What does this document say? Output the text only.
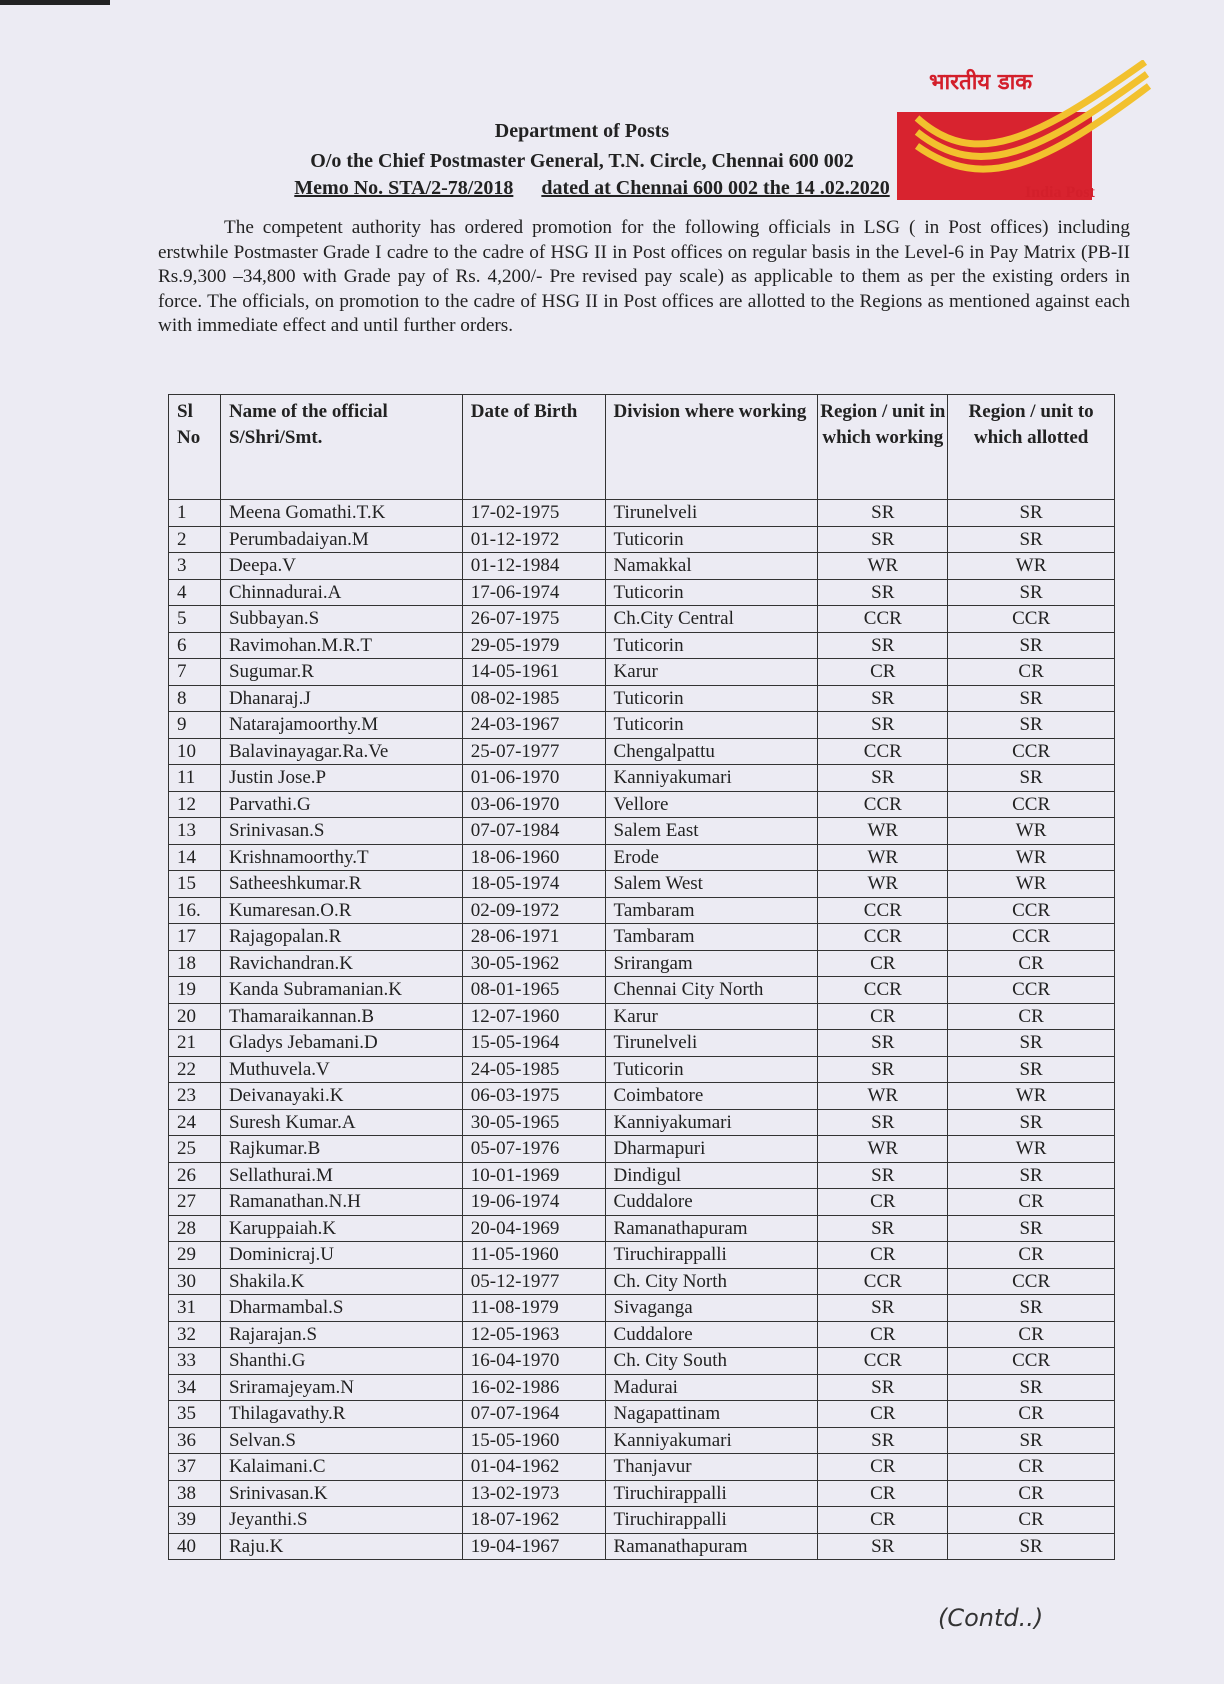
भारतीय डाक
India Post
Department of Posts
O/o the Chief Postmaster General, T.N. Circle, Chennai 600 002
Memo No. STA/2-78/2018 dated at Chennai 600 002 the 14 .02.2020
The competent authority has ordered promotion for the following officials in LSG ( in Post offices) including erstwhile Postmaster Grade I cadre to the cadre of HSG II in Post offices on regular basis in the Level-6 in Pay Matrix (PB-II Rs.9,300 –34,800 with Grade pay of Rs. 4,200/- Pre revised pay scale) as applicable to them as per the existing orders in force. The officials, on promotion to the cadre of HSG II in Post offices are allotted to the Regions as mentioned against each with immediate effect and until further orders.
Sl No	Name of the official S/Shri/Smt.	Date of Birth	Division where working	Region / unit in which working	Region / unit to which allotted
1	Meena Gomathi.T.K	17-02-1975	Tirunelveli	SR	SR
2	Perumbadaiyan.M	01-12-1972	Tuticorin	SR	SR
3	Deepa.V	01-12-1984	Namakkal	WR	WR
4	Chinnadurai.A	17-06-1974	Tuticorin	SR	SR
5	Subbayan.S	26-07-1975	Ch.City Central	CCR	CCR
6	Ravimohan.M.R.T	29-05-1979	Tuticorin	SR	SR
7	Sugumar.R	14-05-1961	Karur	CR	CR
8	Dhanaraj.J	08-02-1985	Tuticorin	SR	SR
9	Natarajamoorthy.M	24-03-1967	Tuticorin	SR	SR
10	Balavinayagar.Ra.Ve	25-07-1977	Chengalpattu	CCR	CCR
11	Justin Jose.P	01-06-1970	Kanniyakumari	SR	SR
12	Parvathi.G	03-06-1970	Vellore	CCR	CCR
13	Srinivasan.S	07-07-1984	Salem East	WR	WR
14	Krishnamoorthy.T	18-06-1960	Erode	WR	WR
15	Satheeshkumar.R	18-05-1974	Salem West	WR	WR
16.	Kumaresan.O.R	02-09-1972	Tambaram	CCR	CCR
17	Rajagopalan.R	28-06-1971	Tambaram	CCR	CCR
18	Ravichandran.K	30-05-1962	Srirangam	CR	CR
19	Kanda Subramanian.K	08-01-1965	Chennai City North	CCR	CCR
20	Thamaraikannan.B	12-07-1960	Karur	CR	CR
21	Gladys Jebamani.D	15-05-1964	Tirunelveli	SR	SR
22	Muthuvela.V	24-05-1985	Tuticorin	SR	SR
23	Deivanayaki.K	06-03-1975	Coimbatore	WR	WR
24	Suresh Kumar.A	30-05-1965	Kanniyakumari	SR	SR
25	Rajkumar.B	05-07-1976	Dharmapuri	WR	WR
26	Sellathurai.M	10-01-1969	Dindigul	SR	SR
27	Ramanathan.N.H	19-06-1974	Cuddalore	CR	CR
28	Karuppaiah.K	20-04-1969	Ramanathapuram	SR	SR
29	Dominicraj.U	11-05-1960	Tiruchirappalli	CR	CR
30	Shakila.K	05-12-1977	Ch. City North	CCR	CCR
31	Dharmambal.S	11-08-1979	Sivaganga	SR	SR
32	Rajarajan.S	12-05-1963	Cuddalore	CR	CR
33	Shanthi.G	16-04-1970	Ch. City South	CCR	CCR
34	Sriramajeyam.N	16-02-1986	Madurai	SR	SR
35	Thilagavathy.R	07-07-1964	Nagapattinam	CR	CR
36	Selvan.S	15-05-1960	Kanniyakumari	SR	SR
37	Kalaimani.C	01-04-1962	Thanjavur	CR	CR
38	Srinivasan.K	13-02-1973	Tiruchirappalli	CR	CR
39	Jeyanthi.S	18-07-1962	Tiruchirappalli	CR	CR
40	Raju.K	19-04-1967	Ramanathapuram	SR	SR
(Contd..)
